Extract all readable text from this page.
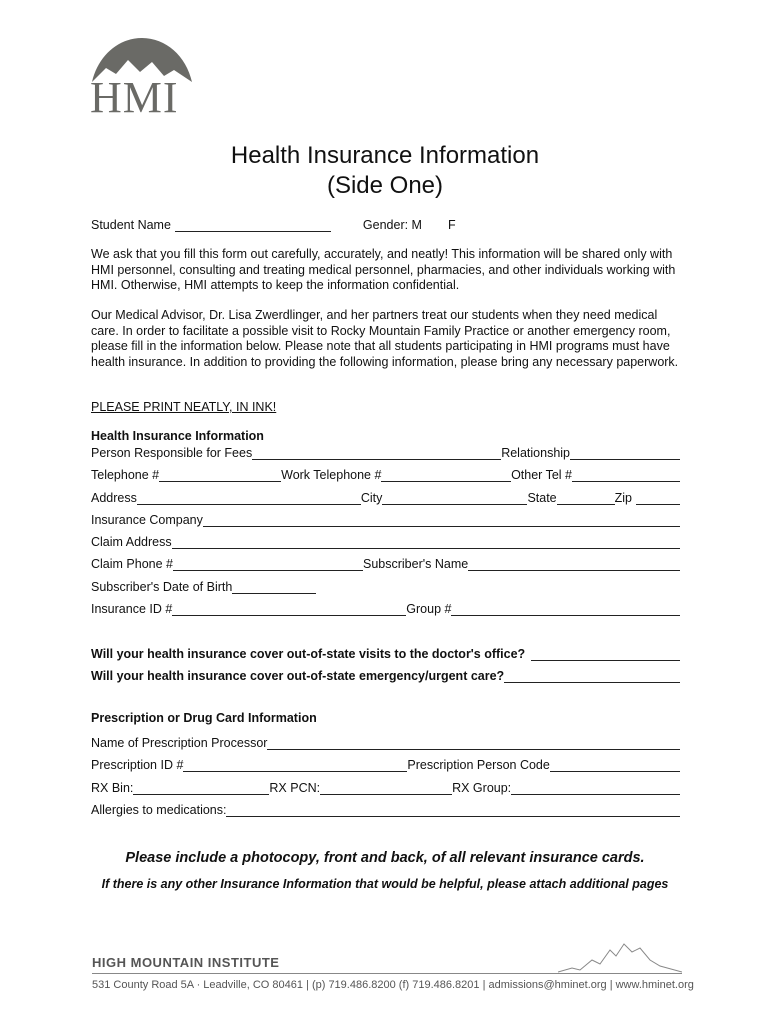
HMI
Health Insurance Information
(Side One)
Student Name	Gender: M F
We ask that you fill this form out carefully, accurately, and neatly! This information will be shared only with HMI personnel, consulting and treating medical personnel, pharmacies, and other individuals working with HMI. Otherwise, HMI attempts to keep the information confidential.
Our Medical Advisor, Dr. Lisa Zwerdlinger, and her partners treat our students when they need medical care. In order to facilitate a possible visit to Rocky Mountain Family Practice or another emergency room, please fill in the information below. Please note that all students participating in HMI programs must have health insurance. In addition to providing the following information, please bring any necessary paperwork.
PLEASE PRINT NEATLY, IN INK!
Health Insurance Information
Person Responsible for Fees	Relationship
Telephone #	Work Telephone #	Other Tel #
Address	City	State	Zip
Insurance Company
Claim Address
Claim Phone #	Subscriber's Name
Subscriber's Date of Birth
Insurance ID #	Group #
Will your health insurance cover out-of-state visits to the doctor's office?
Will your health insurance cover out-of-state emergency/urgent care?
Prescription or Drug Card Information
Name of Prescription Processor
Prescription ID #	Prescription Person Code
RX Bin:	RX PCN:	RX Group:
Allergies to medications:
Please include a photocopy, front and back, of all relevant insurance cards.
If there is any other Insurance Information that would be helpful, please attach additional pages
HIGH MOUNTAIN INSTITUTE
531 County Road 5A · Leadville, CO 80461 | (p) 719.486.8200 (f) 719.486.8201 | admissions@hminet.org | www.hminet.org
